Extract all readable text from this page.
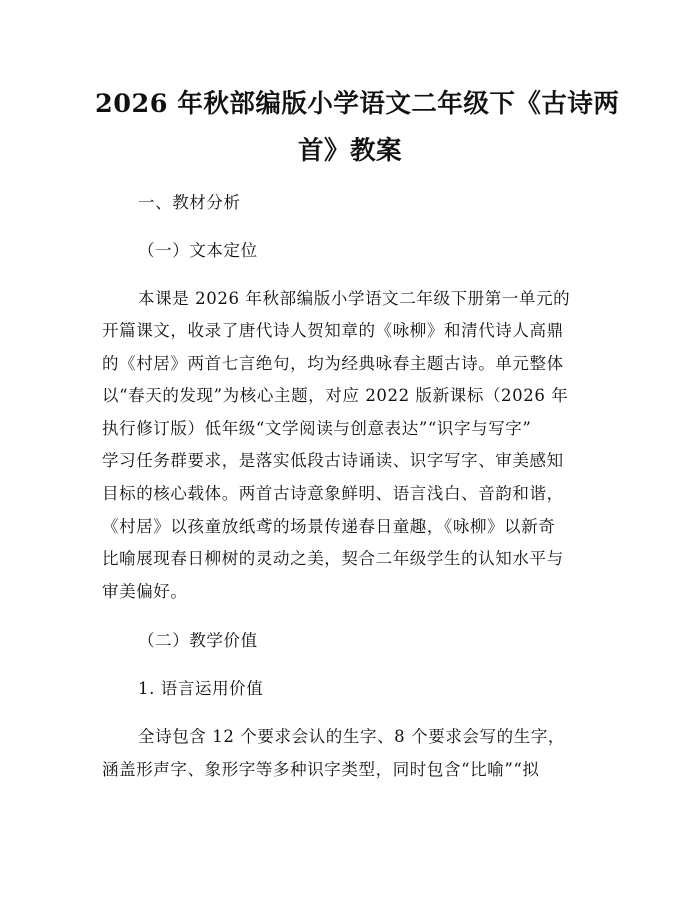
2026 年秋部编版小学语文二年级下《古诗两
首》教案
一、教材分析
（一）文本定位
本课是 2026 年秋部编版小学语文二年级下册第一单元的
开篇课文，收录了唐代诗人贺知章的《咏柳》和清代诗人高鼎
的《村居》两首七言绝句，均为经典咏春主题古诗。单元整体
以“春天的发现”为核心主题，对应 2022 版新课标（2026 年
执行修订版）低年级“文学阅读与创意表达”“识字与写字”
学习任务群要求，是落实低段古诗诵读、识字写字、审美感知
目标的核心载体。两首古诗意象鲜明、语言浅白、音韵和谐，
《村居》以孩童放纸鸢的场景传递春日童趣，《咏柳》以新奇
比喻展现春日柳树的灵动之美，契合二年级学生的认知水平与
审美偏好。
（二）教学价值
1. 语言运用价值
全诗包含 12 个要求会认的生字、8 个要求会写的生字，
涵盖形声字、象形字等多种识字类型，同时包含“比喻”“拟
